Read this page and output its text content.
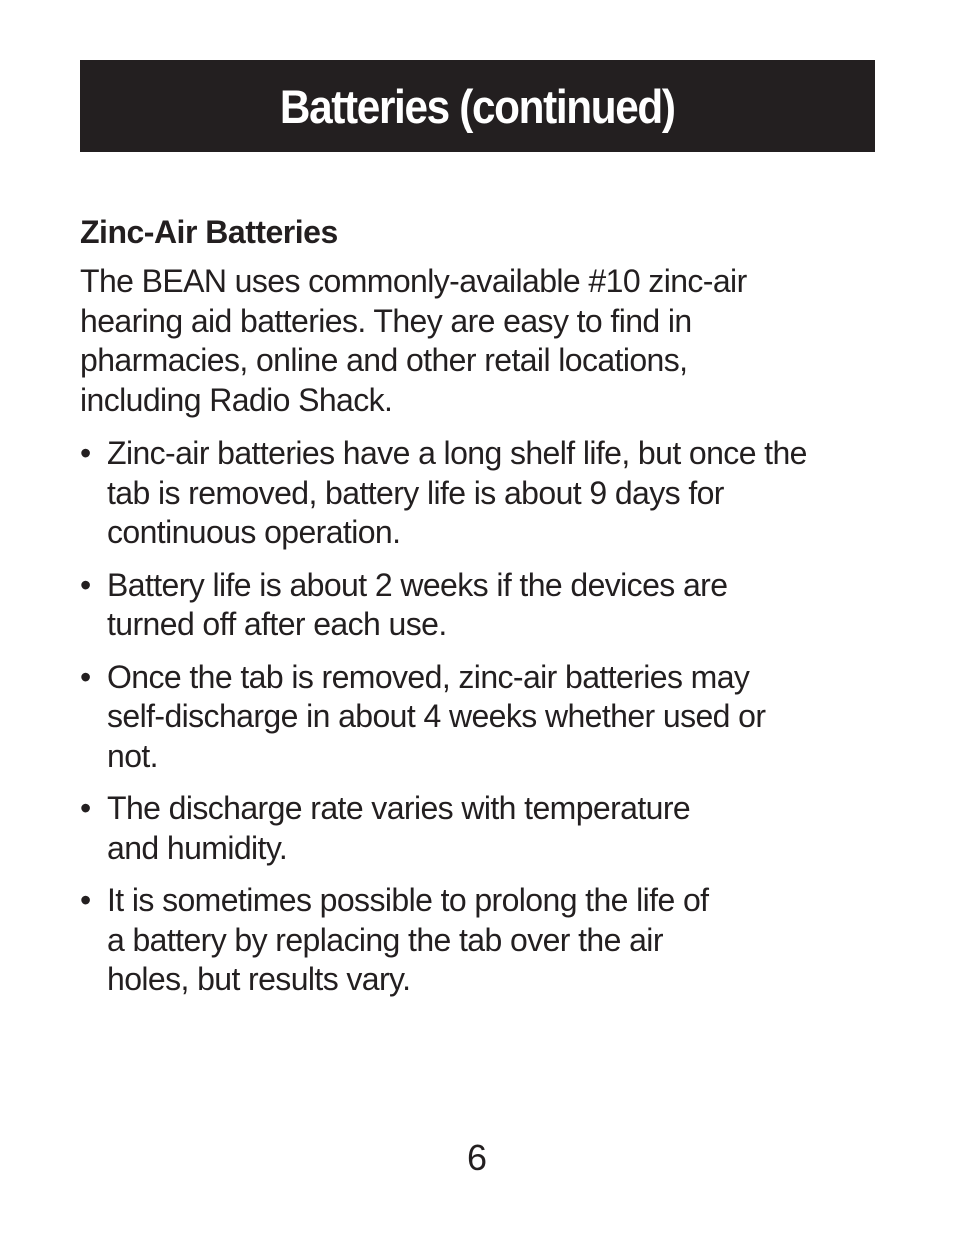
Batteries (continued)
Zinc-Air Batteries

The BEAN uses commonly-available #10 zinc-air hearing aid batteries. They are easy to find in pharmacies, online and other retail locations, including Radio Shack.

• Zinc-air batteries have a long shelf life, but once the tab is removed, battery life is about 9 days for continuous operation.
• Battery life is about 2 weeks if the devices are turned off after each use.
• Once the tab is removed, zinc-air batteries may self-discharge in about 4 weeks whether used or not.
• The discharge rate varies with temperature and humidity.
• It is sometimes possible to prolong the life of a battery by replacing the tab over the air holes, but results vary.
6
